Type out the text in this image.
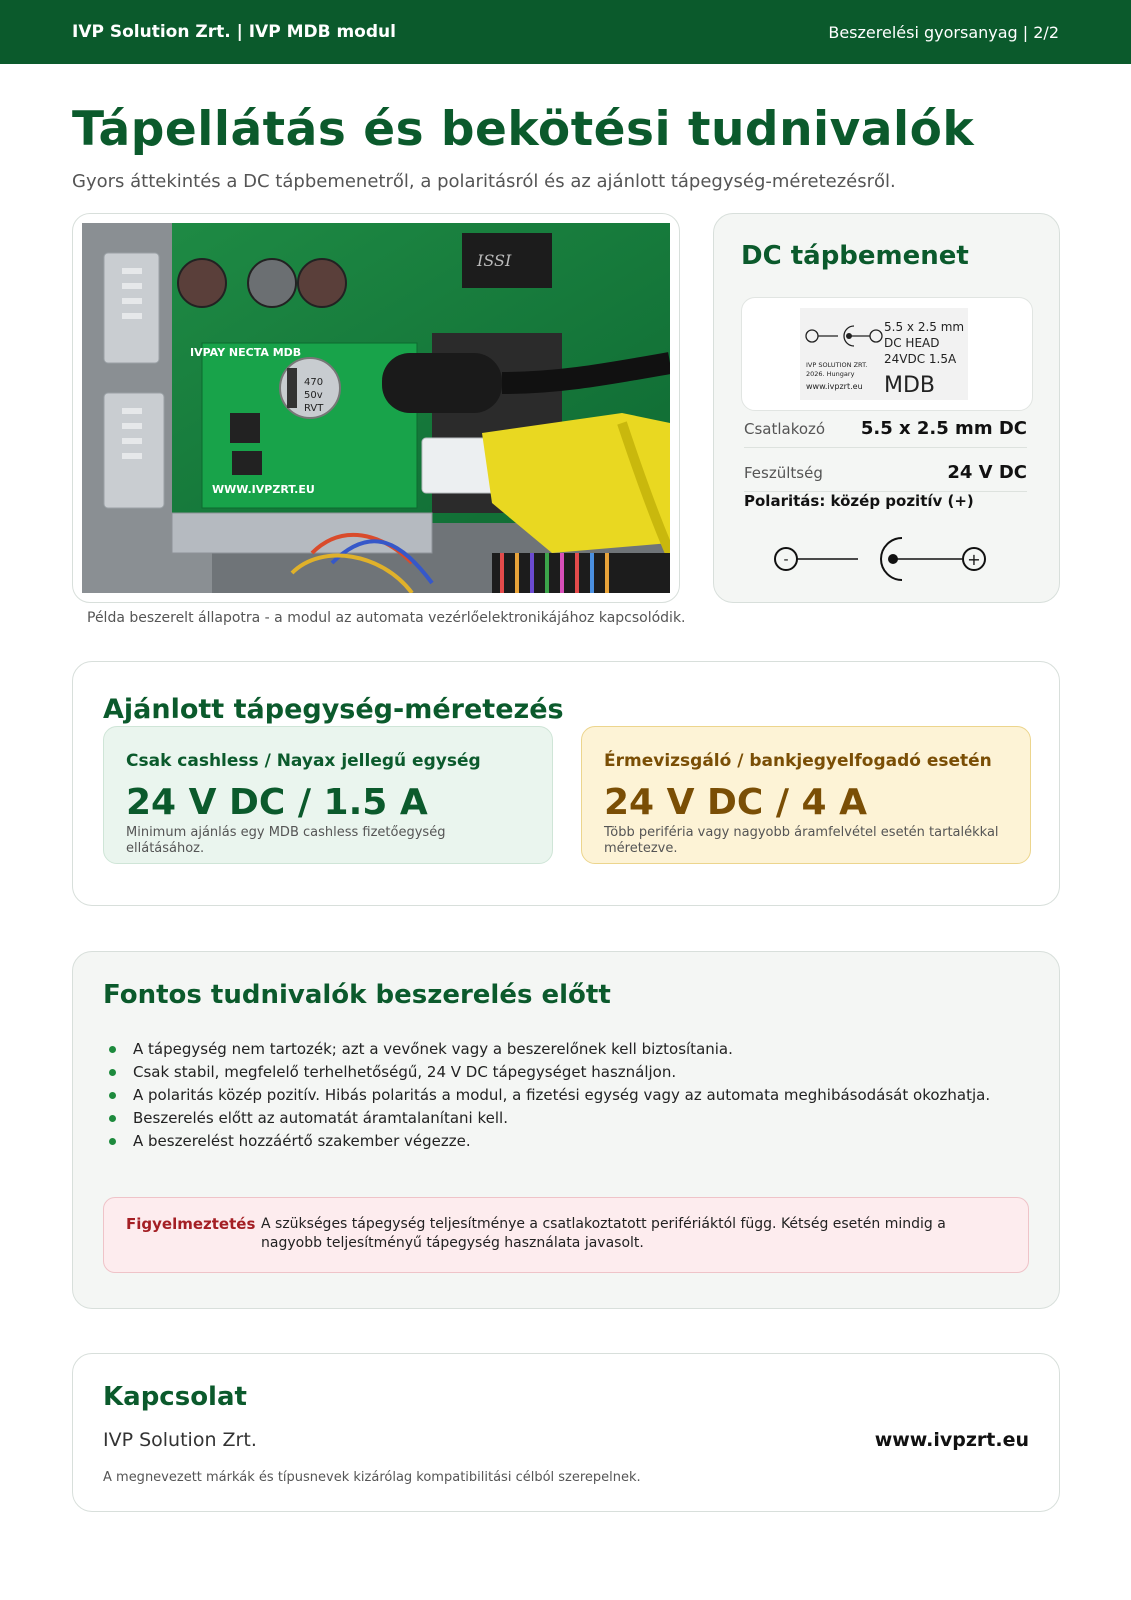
IVP Solution Zrt. | IVP MDB modul	Beszerelési gyorsanyag | 2/2
Tápellátás és bekötési tudnivalók
Gyors áttekintés a DC tápbemenetről, a polaritásról és az ajánlott tápegység-méretezésről.
IVPAY NECTA MDB
WWW.IVPZRT.EU
470
50v
RVT
ISSI
Példa beszerelt állapotra - a modul az automata vezérlőelektronikájához kapcsolódik.
DC tápbemenet
5.5 x 2.5 mm
DC HEAD
24VDC 1.5A
IVP SOLUTION ZRT.
2026. Hungary
www.ivpzrt.eu MDB
Csatlakozó 5.5 x 2.5 mm DC
Feszültség	24 V DC
Polaritás: közép pozitív (+)
-	+
Ajánlott tápegység-méretezés
Csak cashless / Nayax jellegű egység
24 V DC / 1.5 A
Minimum ajánlás egy MDB cashless fizetőegység ellátásához.
Érmevizsgáló / bankjegyelfogadó esetén
24 V DC / 4 A
Több periféria vagy nagyobb áramfelvétel esetén tartalékkal méretezve.
Fontos tudnivalók beszerelés előtt
A tápegység nem tartozék; azt a vevőnek vagy a beszerelőnek kell biztosítania.
Csak stabil, megfelelő terhelhetőségű, 24 V DC tápegységet használjon.
A polaritás közép pozitív. Hibás polaritás a modul, a fizetési egység vagy az automata meghibásodását okozhatja.
Beszerelés előtt az automatát áramtalanítani kell.
A beszerelést hozzáértő szakember végezze.
Figyelmeztetés A szükséges tápegység teljesítménye a csatlakoztatott perifériáktól függ. Kétség esetén mindig a nagyobb teljesítményű tápegység használata javasolt.
Kapcsolat
IVP Solution Zrt.	www.ivpzrt.eu
A megnevezett márkák és típusnevek kizárólag kompatibilitási célból szerepelnek.
